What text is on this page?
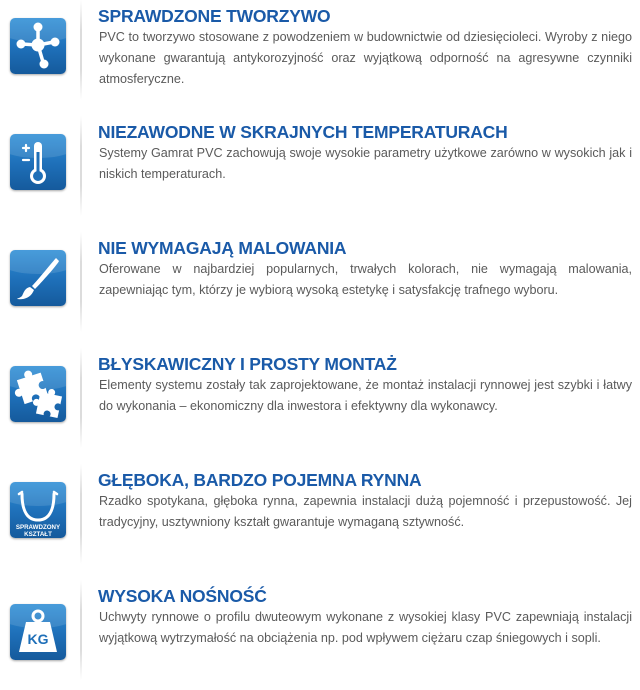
SPRAWDZONE TWORZYWO

PVC to tworzywo stosowane z powodzeniem w budownictwie od dziesięcioleci. Wyroby z niego wykonane gwarantują antykorozyjność oraz wyjątkową odporność na agresywne czynniki atmosferyczne.

NIEZAWODNE W SKRAJNYCH TEMPERATURACH

Systemy Gamrat PVC zachowują swoje wysokie parametry użytkowe zarówno w wysokich jak i niskich temperaturach.

NIE WYMAGAJĄ MALOWANIA

Oferowane w najbardziej popularnych, trwałych kolorach, nie wymagają malowania, zapewniając tym, którzy je wybiorą wysoką estetykę i satysfakcję trafnego wyboru.

BŁYSKAWICZNY I PROSTY MONTAŻ

Elementy systemu zostały tak zaprojektowane, że montaż instalacji rynnowej jest szybki i łatwy do wykonania – ekonomiczny dla inwestora i efektywny dla wykonawcy.

SPRAWDZONY
KSZTAŁT
GŁĘBOKA, BARDZO POJEMNA RYNNA

Rzadko spotykana, głęboka rynna, zapewnia instalacji dużą pojemność i przepustowość. Jej tradycyjny, usztywniony kształt gwarantuje wymaganą sztywność.

KG
WYSOKA NOŚNOŚĆ

Uchwyty rynnowe o profilu dwuteowym wykonane z wysokiej klasy PVC zapewniają instalacji wyjątkową wytrzymałość na obciążenia np. pod wpływem ciężaru czap śniegowych i sopli.
